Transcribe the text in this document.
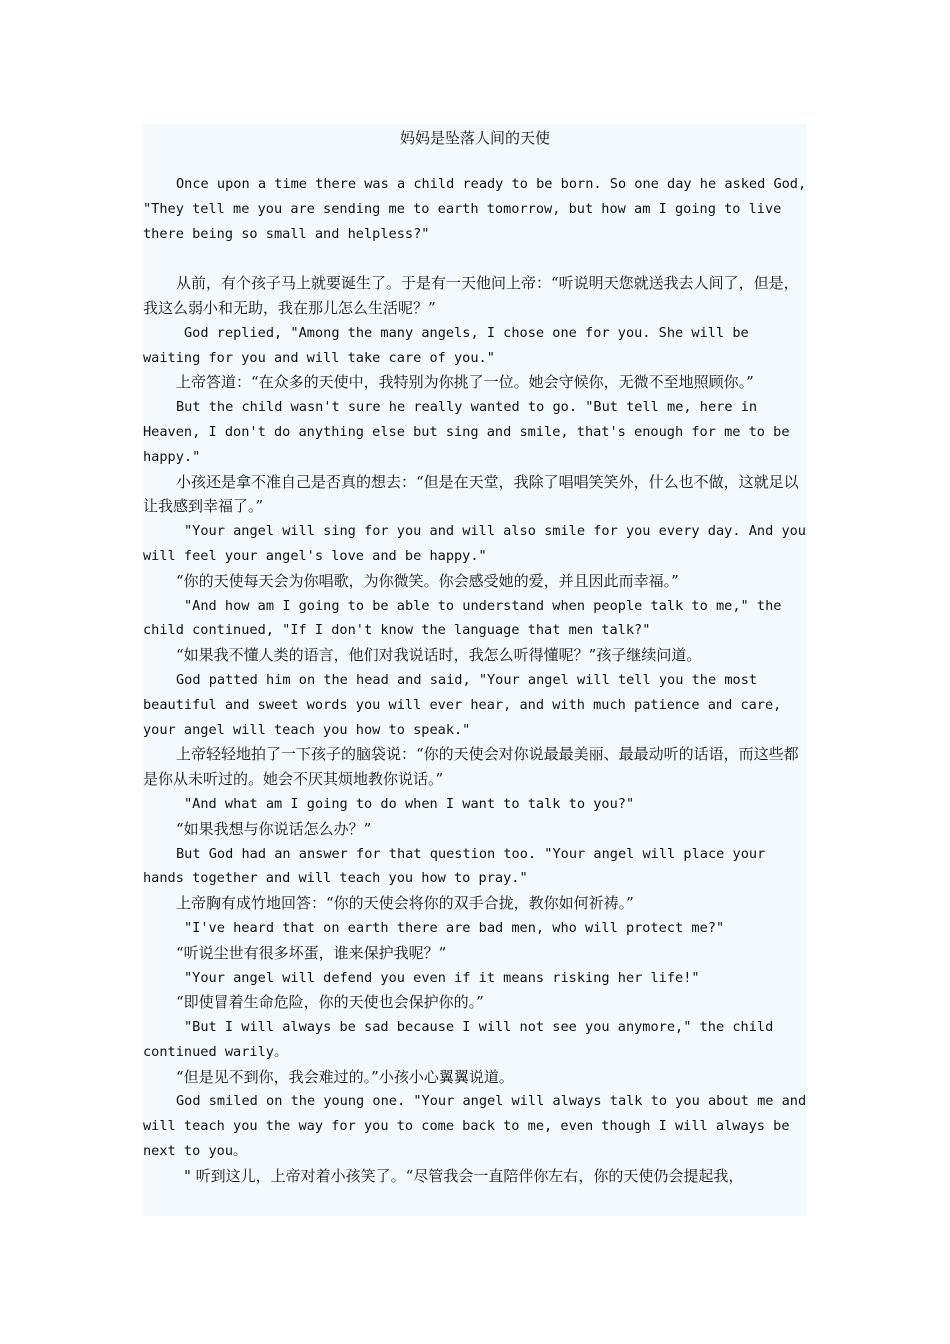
妈妈是坠落人间的天使

Once upon a time there was a child ready to be born. So one day he asked God, "They tell me you are sending me to earth tomorrow, but how am I going to live there being so small and helpless?"

从前，有个孩子马上就要诞生了。于是有一天他问上帝：“听说明天您就送我去人间了，但是，我这么弱小和无助，我在那儿怎么生活呢？”

God replied, "Among the many angels, I chose one for you. She will be waiting for you and will take care of you."

上帝答道：“在众多的天使中，我特别为你挑了一位。她会守候你，无微不至地照顾你。”

But the child wasn't sure he really wanted to go. "But tell me, here in Heaven, I don't do anything else but sing and smile, that's enough for me to be happy."

小孩还是拿不准自己是否真的想去：“但是在天堂，我除了唱唱笑笑外，什么也不做，这就足以让我感到幸福了。”

"Your angel will sing for you and will also smile for you every day. And you will feel your angel's love and be happy."

“你的天使每天会为你唱歌，为你微笑。你会感受她的爱，并且因此而幸福。”

"And how am I going to be able to understand when people talk to me," the child continued, "If I don't know the language that men talk?"

“如果我不懂人类的语言，他们对我说话时，我怎么听得懂呢？”孩子继续问道。

God patted him on the head and said, "Your angel will tell you the most beautiful and sweet words you will ever hear, and with much patience and care, your angel will teach you how to speak."

上帝轻轻地拍了一下孩子的脑袋说：“你的天使会对你说最最美丽、最最动听的话语，而这些都是你从未听过的。她会不厌其烦地教你说话。”

"And what am I going to do when I want to talk to you?"

“如果我想与你说话怎么办？”

But God had an answer for that question too. "Your angel will place your hands together and will teach you how to pray."

上帝胸有成竹地回答：“你的天使会将你的双手合拢，教你如何祈祷。”

"I've heard that on earth there are bad men, who will protect me?"

“听说尘世有很多坏蛋，谁来保护我呢？”

"Your angel will defend you even if it means risking her life!"

“即使冒着生命危险，你的天使也会保护你的。”

"But I will always be sad because I will not see you anymore," the child continued warily。

“但是见不到你，我会难过的。”小孩小心翼翼说道。

God smiled on the young one. "Your angel will always talk to you about me and will teach you the way for you to come back to me, even though I will always be next to you。

" 听到这儿，上帝对着小孩笑了。“尽管我会一直陪伴你左右，你的天使仍会提起我，
